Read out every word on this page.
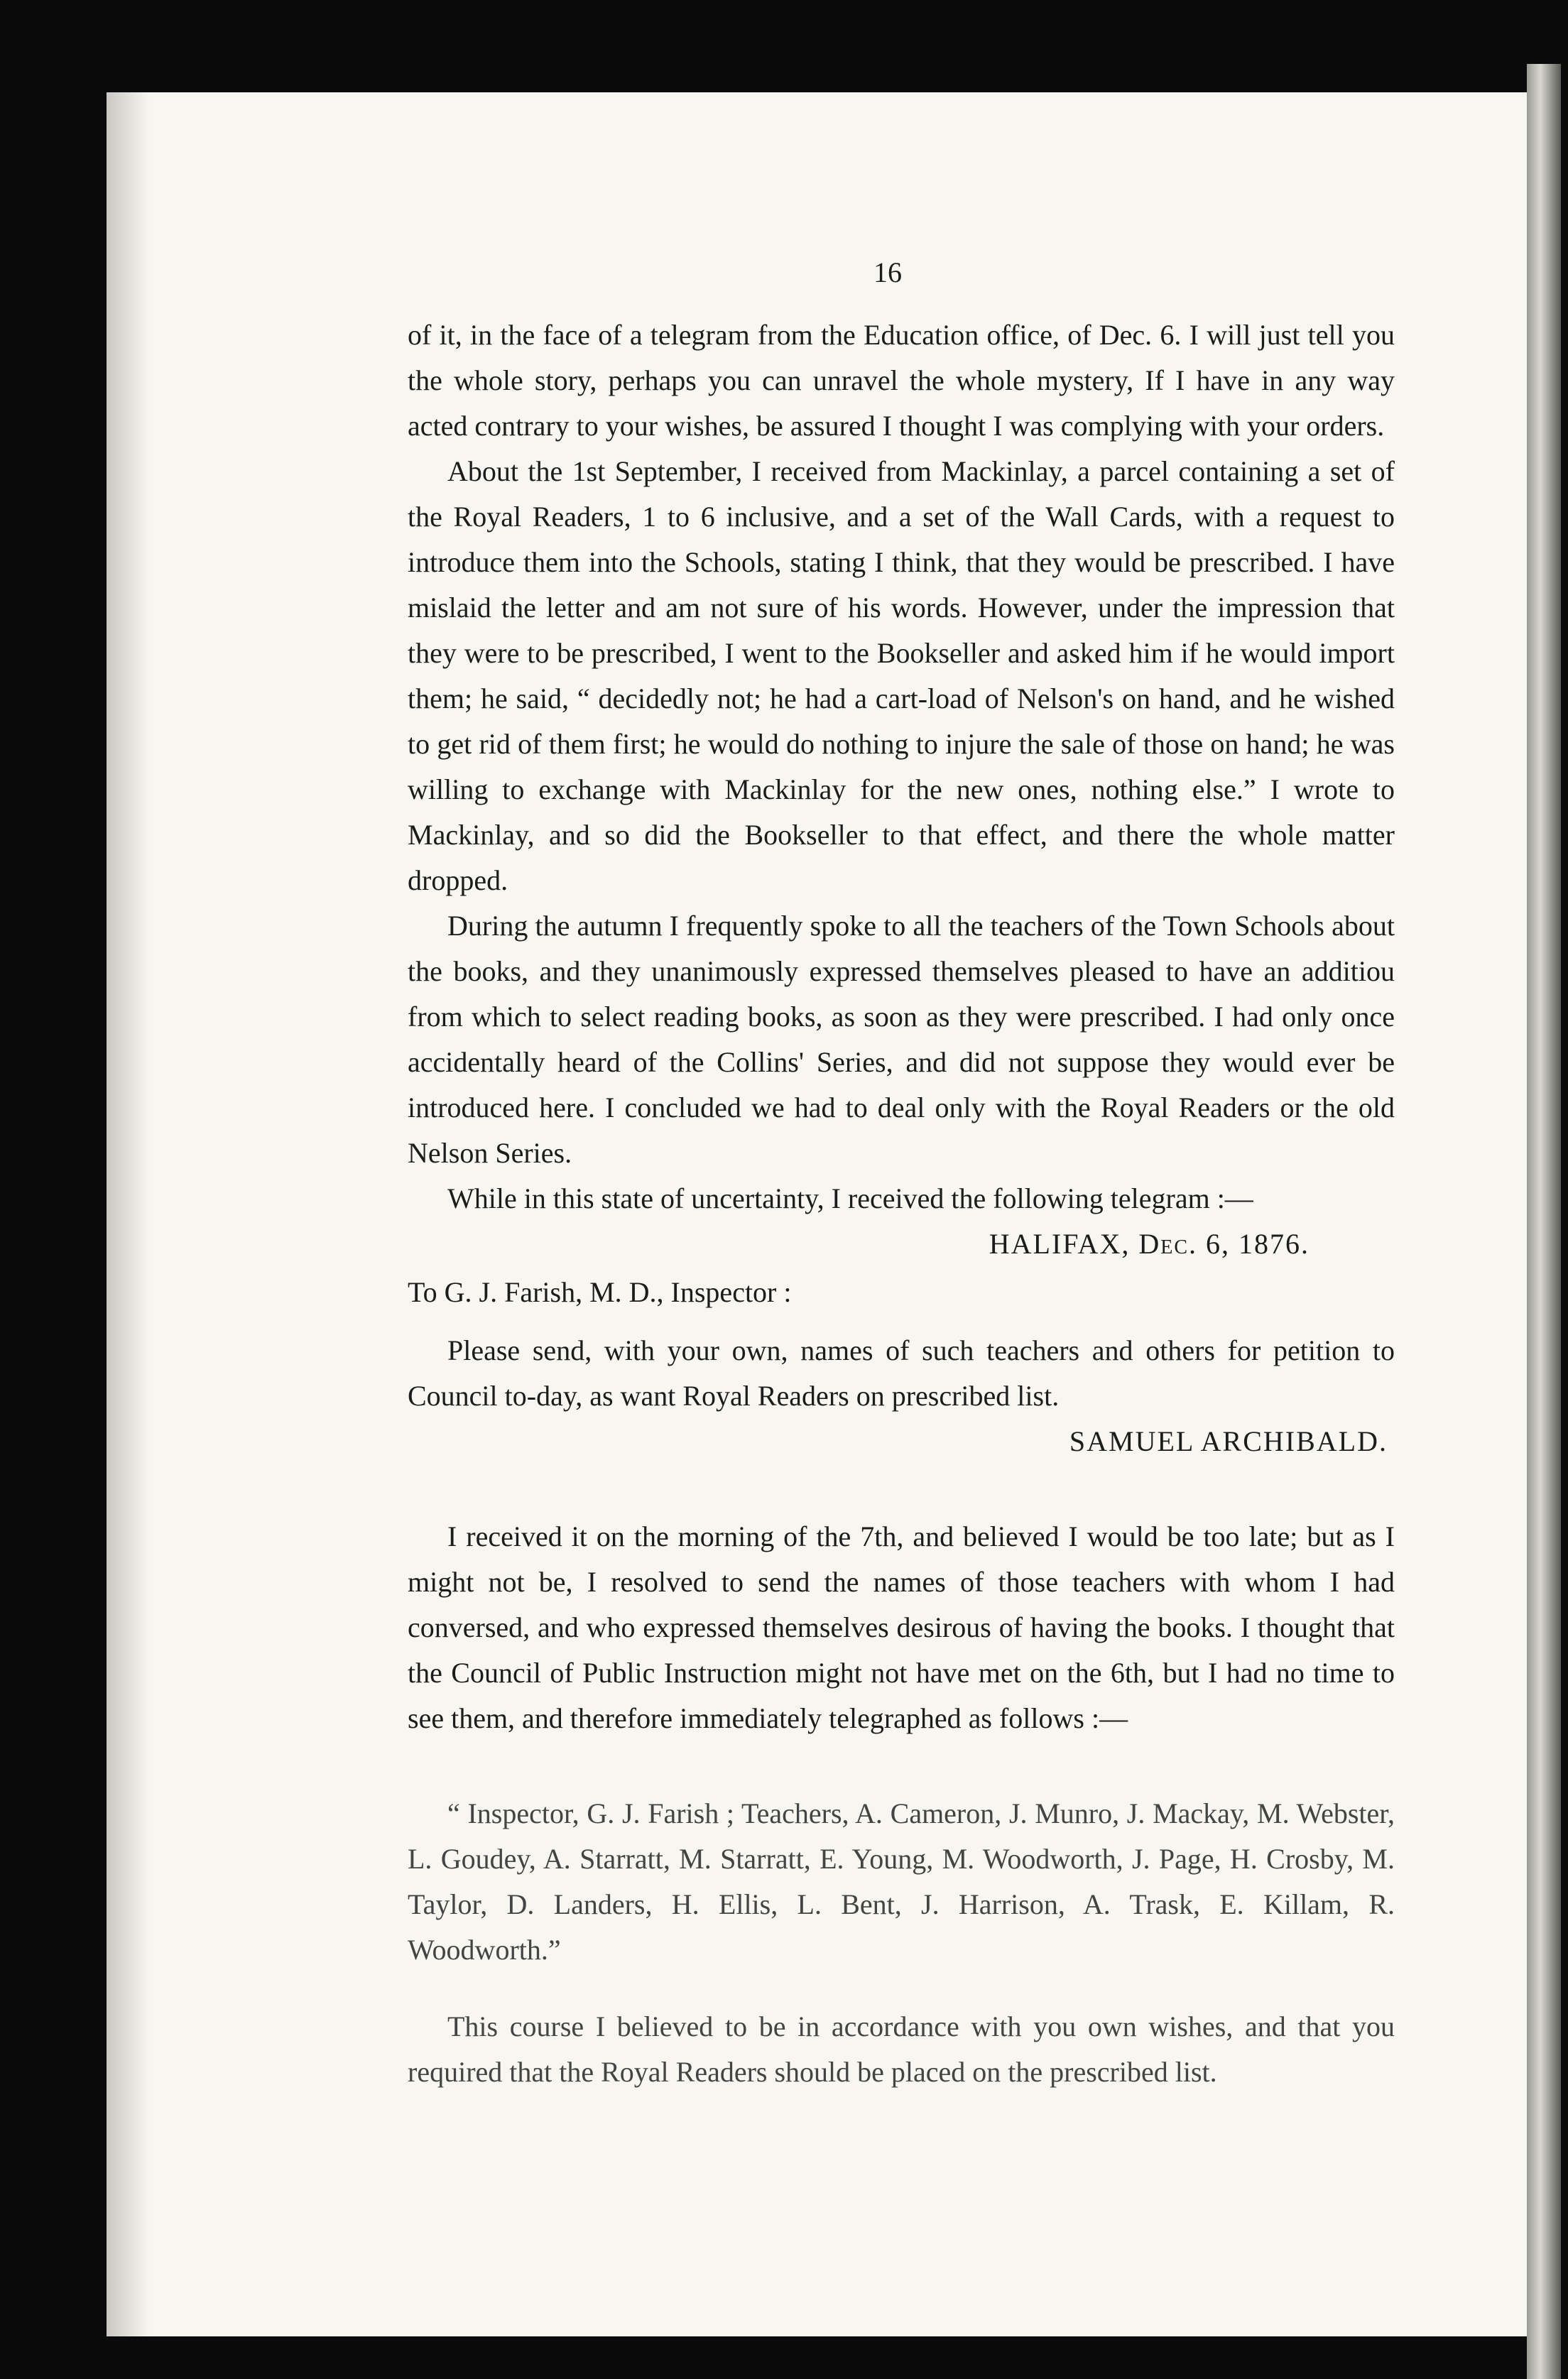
16

of it, in the face of a telegram from the Education office, of Dec. 6. I will just tell you the whole story, perhaps you can unravel the whole mystery, If I have in any way acted contrary to your wishes, be assured I thought I was complying with your orders.

About the 1st September, I received from Mackinlay, a parcel containing a set of the Royal Readers, 1 to 6 inclusive, and a set of the Wall Cards, with a request to introduce them into the Schools, stating I think, that they would be prescribed. I have mislaid the letter and am not sure of his words. However, under the impression that they were to be prescribed, I went to the Bookseller and asked him if he would import them; he said, “ decidedly not; he had a cart-load of Nelson's on hand, and he wished to get rid of them first; he would do nothing to injure the sale of those on hand; he was willing to exchange with Mackinlay for the new ones, nothing else.” I wrote to Mackinlay, and so did the Bookseller to that effect, and there the whole matter dropped.

During the autumn I frequently spoke to all the teachers of the Town Schools about the books, and they unanimously expressed themselves pleased to have an additiou from which to select reading books, as soon as they were prescribed. I had only once accidentally heard of the Collins' Series, and did not suppose they would ever be introduced here. I concluded we had to deal only with the Royal Readers or the old Nelson Series.

While in this state of uncertainty, I received the following telegram :—

HALIFAX, Dec. 6, 1876.

To G. J. Farish, M. D., Inspector :

Please send, with your own, names of such teachers and others for petition to Council to-day, as want Royal Readers on prescribed list.

SAMUEL ARCHIBALD.

I received it on the morning of the 7th, and believed I would be too late; but as I might not be, I resolved to send the names of those teachers with whom I had conversed, and who expressed themselves desirous of having the books. I thought that the Council of Public Instruction might not have met on the 6th, but I had no time to see them, and therefore immediately telegraphed as follows :—

“ Inspector, G. J. Farish ; Teachers, A. Cameron, J. Munro, J. Mackay, M. Webster, L. Goudey, A. Starratt, M. Starratt, E. Young, M. Woodworth, J. Page, H. Crosby, M. Taylor, D. Landers, H. Ellis, L. Bent, J. Harrison, A. Trask, E. Killam, R. Woodworth.”

This course I believed to be in accordance with you own wishes, and that you required that the Royal Readers should be placed on the prescribed list.
